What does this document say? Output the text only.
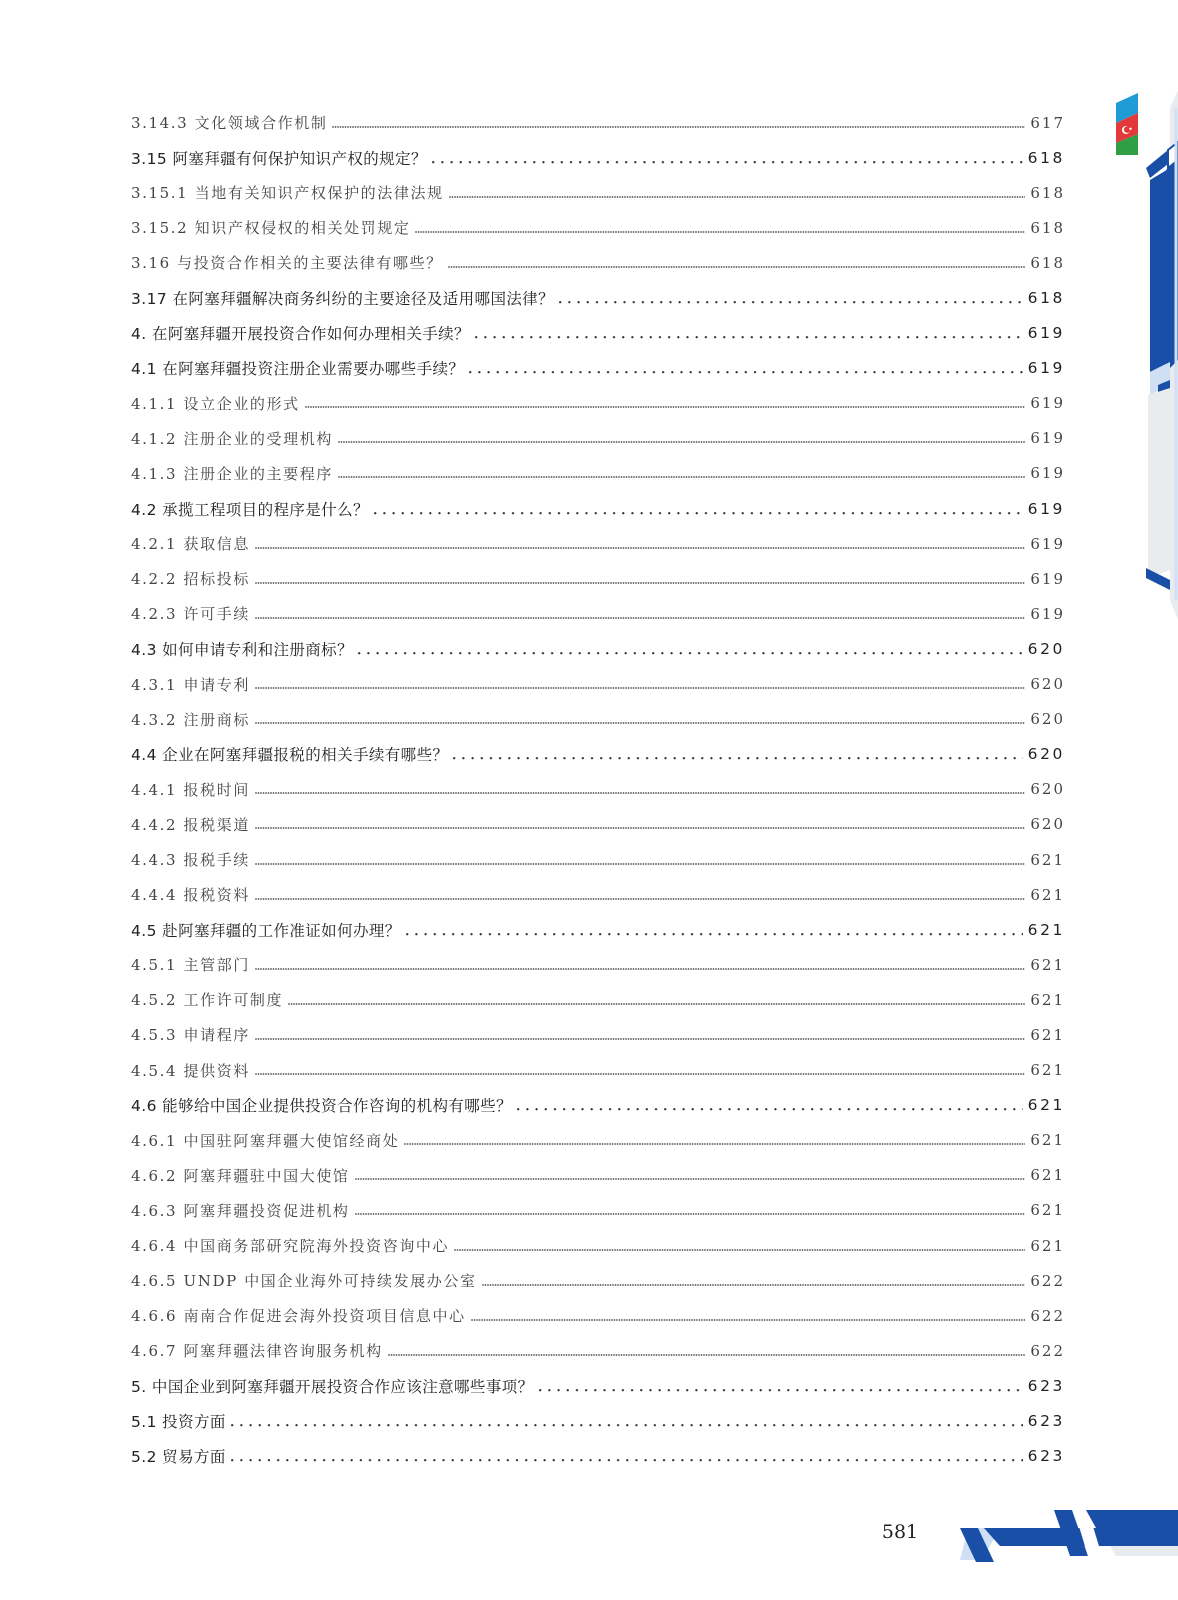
3.14.3 文化领域合作机制	617
3.15 阿塞拜疆有何保护知识产权的规定？	618
3.15.1 当地有关知识产权保护的法律法规	618
3.15.2 知识产权侵权的相关处罚规定	618
3.16 与投资合作相关的主要法律有哪些？	618
3.17 在阿塞拜疆解决商务纠纷的主要途径及适用哪国法律？	618
4. 在阿塞拜疆开展投资合作如何办理相关手续？	619
4.1 在阿塞拜疆投资注册企业需要办哪些手续？	619
4.1.1 设立企业的形式	619
4.1.2 注册企业的受理机构	619
4.1.3 注册企业的主要程序	619
4.2 承揽工程项目的程序是什么？	619
4.2.1 获取信息	619
4.2.2 招标投标	619
4.2.3 许可手续	619
4.3 如何申请专利和注册商标？	620
4.3.1 申请专利	620
4.3.2 注册商标	620
4.4 企业在阿塞拜疆报税的相关手续有哪些？	620
4.4.1 报税时间	620
4.4.2 报税渠道	620
4.4.3 报税手续	621
4.4.4 报税资料	621
4.5 赴阿塞拜疆的工作准证如何办理？	621
4.5.1 主管部门	621
4.5.2 工作许可制度	621
4.5.3 申请程序	621
4.5.4 提供资料	621
4.6 能够给中国企业提供投资合作咨询的机构有哪些？	621
4.6.1 中国驻阿塞拜疆大使馆经商处	621
4.6.2 阿塞拜疆驻中国大使馆	621
4.6.3 阿塞拜疆投资促进机构	621
4.6.4 中国商务部研究院海外投资咨询中心	621
4.6.5 UNDP 中国企业海外可持续发展办公室	622
4.6.6 南南合作促进会海外投资项目信息中心	622
4.6.7 阿塞拜疆法律咨询服务机构	622
5. 中国企业到阿塞拜疆开展投资合作应该注意哪些事项？	623
5.1 投资方面	623
5.2 贸易方面	623
581
